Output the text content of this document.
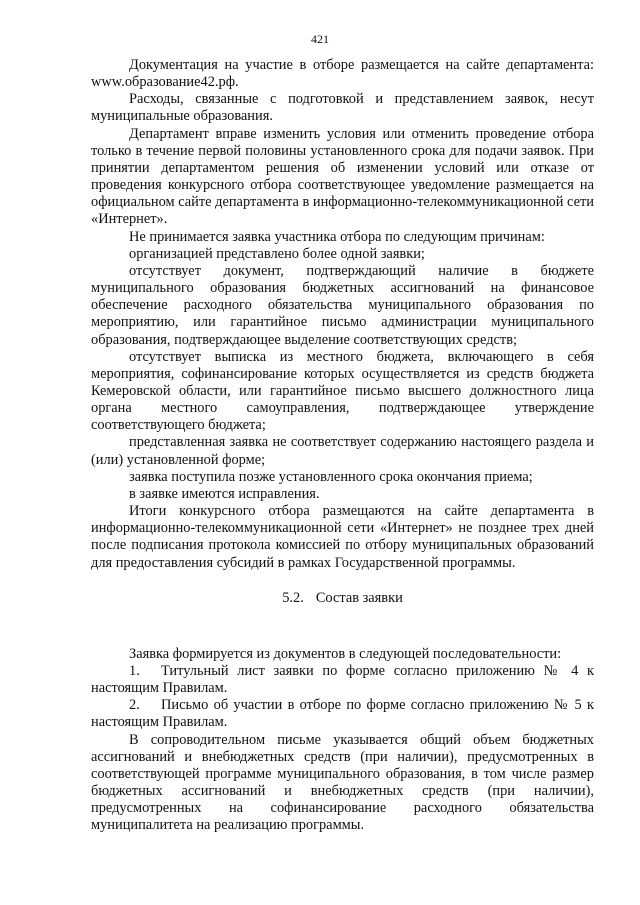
421

Документация на участие в отборе размещается на сайте департамента: www.образование42.рф.

Расходы, связанные с подготовкой и представлением заявок, несут муниципальные образования.

Департамент вправе изменить условия или отменить проведение отбора только в течение первой половины установленного срока для подачи заявок. При принятии департаментом решения об изменении условий или отказе от проведения конкурсного отбора соответствующее уведомление размещается на официальном сайте департамента в информационно-телекоммуникационной сети «Интернет».

Не принимается заявка участника отбора по следующим причинам:

организацией представлено более одной заявки;

отсутствует документ, подтверждающий наличие в бюджете муниципального образования бюджетных ассигнований на финансовое обеспечение расходного обязательства муниципального образования по мероприятию, или гарантийное письмо администрации муниципального образования, подтверждающее выделение соответствующих средств;

отсутствует выписка из местного бюджета, включающего в себя мероприятия, софинансирование которых осуществляется из средств бюджета Кемеровской области, или гарантийное письмо высшего должностного лица органа местного самоуправления, подтверждающее утверждение соответствующего бюджета;

представленная заявка не соответствует содержанию настоящего раздела и (или) установленной форме;

заявка поступила позже установленного срока окончания приема;

в заявке имеются исправления.

Итоги конкурсного отбора размещаются на сайте департамента в информационно-телекоммуникационной сети «Интернет» не позднее трех дней после подписания протокола комиссией по отбору муниципальных образований для предоставления субсидий в рамках Государственной программы.

5.2. Состав заявки

Заявка формируется из документов в следующей последовательности:

1. Титульный лист заявки по форме согласно приложению № 4 к настоящим Правилам.

2. Письмо об участии в отборе по форме согласно приложению № 5 к настоящим Правилам.

В сопроводительном письме указывается общий объем бюджетных ассигнований и внебюджетных средств (при наличии), предусмотренных в соответствующей программе муниципального образования, в том числе размер бюджетных ассигнований и внебюджетных средств (при наличии), предусмотренных на софинансирование расходного обязательства муниципалитета на реализацию программы.
